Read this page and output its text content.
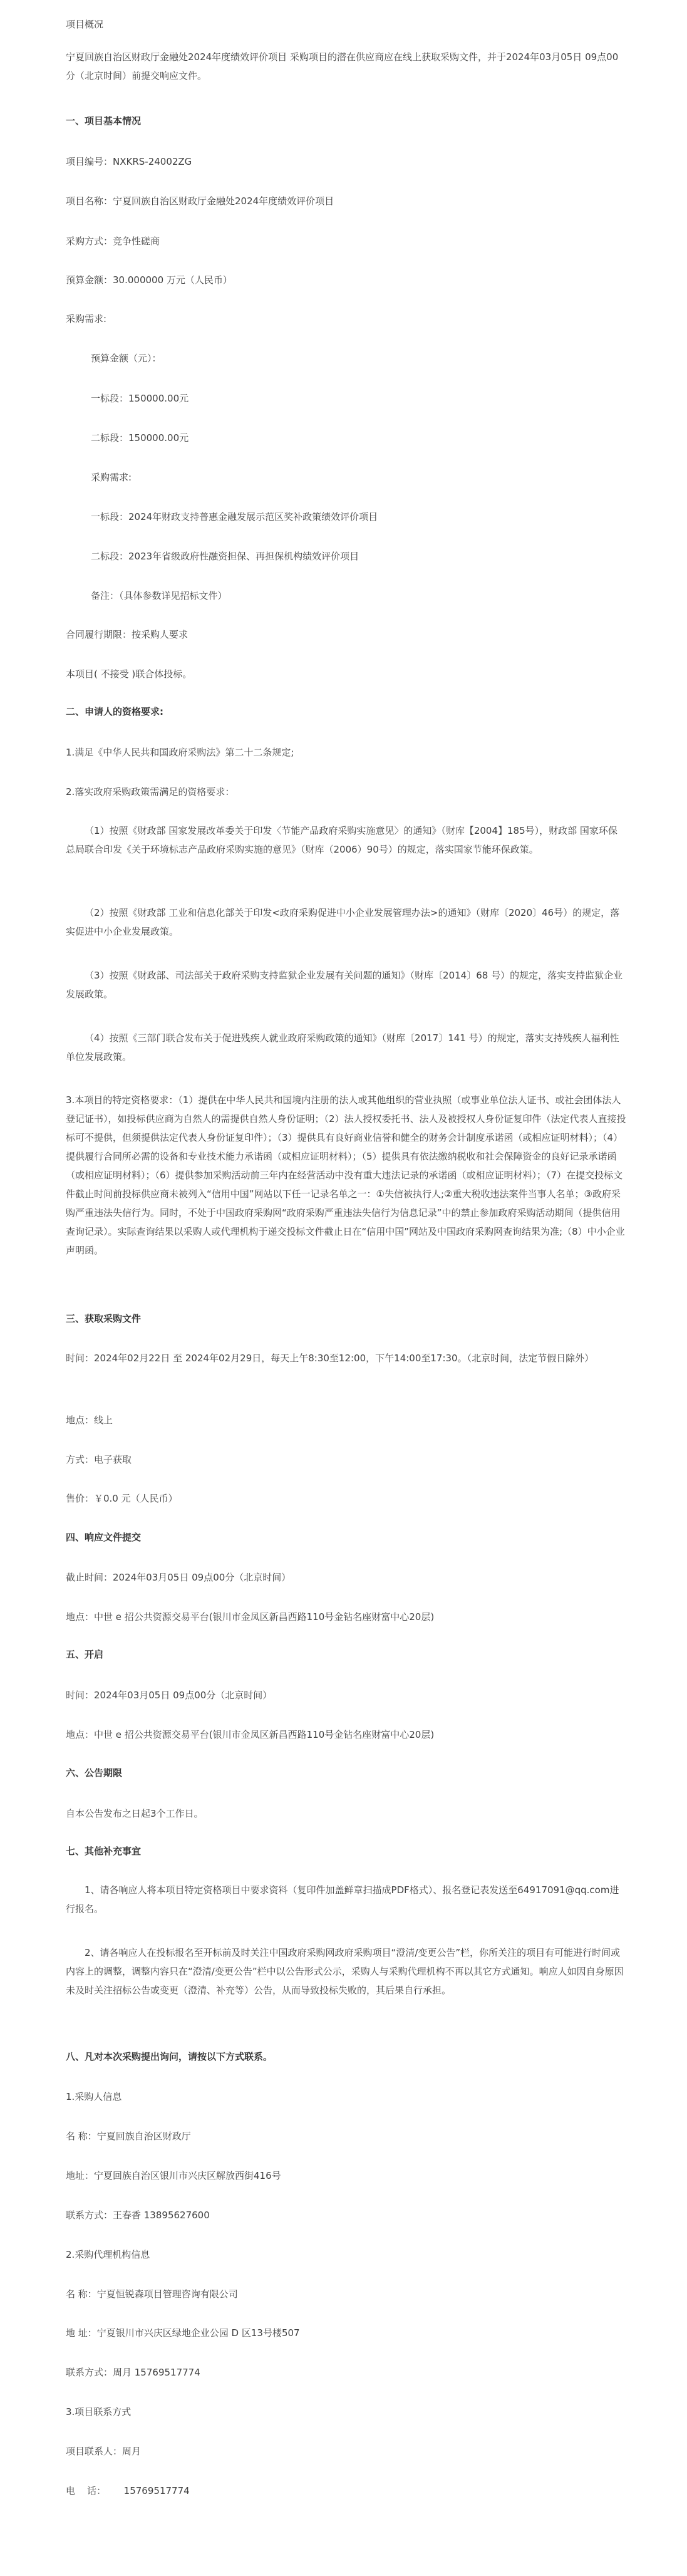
项目概况

宁夏回族自治区财政厅金融处2024年度绩效评价项目 采购项目的潜在供应商应在线上获取采购文件，并于2024年03月05日 09点00分（北京时间）前提交响应文件。

一、项目基本情况

项目编号：NXKRS-24002ZG

项目名称：宁夏回族自治区财政厅金融处2024年度绩效评价项目

采购方式：竞争性磋商

预算金额：30.000000 万元（人民币）

采购需求:

预算金额（元）：

一标段：150000.00元

二标段：150000.00元

采购需求:

一标段：2024年财政支持普惠金融发展示范区奖补政策绩效评价项目

二标段：2023年省级政府性融资担保、再担保机构绩效评价项目

备注：（具体参数详见招标文件）

合同履行期限：按采购人要求

本项目( 不接受 )联合体投标。

二、申请人的资格要求:

1.满足《中华人民共和国政府采购法》第二十二条规定;

2.落实政府采购政策需满足的资格要求：

（1）按照《财政部 国家发展改革委关于印发〈节能产品政府采购实施意见〉的通知》（财库【2004】185号），财政部 国家环保总局联合印发《关于环境标志产品政府采购实施的意见》（财库（2006）90号）的规定，落实国家节能环保政策。

（2）按照《财政部 工业和信息化部关于印发<政府采购促进中小企业发展管理办法>的通知》（财库〔2020〕46号）的规定，落实促进中小企业发展政策。

（3）按照《财政部、司法部关于政府采购支持监狱企业发展有关问题的通知》（财库〔2014〕68 号）的规定，落实支持监狱企业发展政策。

（4）按照《三部门联合发布关于促进残疾人就业政府采购政策的通知》（财库〔2017〕141 号）的规定，落实支持残疾人福利性单位发展政策。

3.本项目的特定资格要求：（1）提供在中华人民共和国境内注册的法人或其他组织的营业执照（或事业单位法人证书、或社会团体法人登记证书），如投标供应商为自然人的需提供自然人身份证明；（2）法人授权委托书、法人及被授权人身份证复印件（法定代表人直接投标可不提供，但须提供法定代表人身份证复印件）；（3）提供具有良好商业信誉和健全的财务会计制度承诺函（或相应证明材料）；（4）提供履行合同所必需的设备和专业技术能力承诺函（或相应证明材料）；（5）提供具有依法缴纳税收和社会保障资金的良好记录承诺函（或相应证明材料）；（6）提供参加采购活动前三年内在经营活动中没有重大违法记录的承诺函（或相应证明材料）；（7）在提交投标文件截止时间前投标供应商未被列入“信用中国”网站以下任一记录名单之一：①失信被执行人;②重大税收违法案件当事人名单；③政府采购严重违法失信行为。同时，不处于中国政府采购网“政府采购严重违法失信行为信息记录”中的禁止参加政府采购活动期间（提供信用查询记录）。实际查询结果以采购人或代理机构于递交投标文件截止日在“信用中国”网站及中国政府采购网查询结果为准;（8）中小企业声明函。

三、获取采购文件

时间：2024年02月22日 至 2024年02月29日，每天上午8:30至12:00，下午14:00至17:30。（北京时间，法定节假日除外）

地点：线上

方式：电子获取

售价：￥0.0 元（人民币）

四、响应文件提交

截止时间：2024年03月05日 09点00分（北京时间）

地点：中世 e 招公共资源交易平台(银川市金凤区新昌西路110号金钻名座财富中心20层)

五、开启

时间：2024年03月05日 09点00分（北京时间）

地点：中世 e 招公共资源交易平台(银川市金凤区新昌西路110号金钻名座财富中心20层)

六、公告期限

自本公告发布之日起3个工作日。

七、其他补充事宜

1、请各响应人将本项目特定资格项目中要求资料（复印件加盖鲜章扫描成PDF格式）、报名登记表发送至64917091@qq.com进行报名。

2、请各响应人在投标报名至开标前及时关注中国政府采购网政府采购项目“澄清/变更公告”栏，你所关注的项目有可能进行时间或内容上的调整，调整内容只在“澄清/变更公告”栏中以公告形式公示，采购人与采购代理机构不再以其它方式通知。响应人如因自身原因未及时关注招标公告或变更（澄清、补充等）公告，从而导致投标失败的，其后果自行承担。

八、凡对本次采购提出询问，请按以下方式联系。

1.采购人信息

名 称：宁夏回族自治区财政厅

地址：宁夏回族自治区银川市兴庆区解放西街416号

联系方式：王春香 13895627600

2.采购代理机构信息

名 称：宁夏恒锐森项目管理咨询有限公司

地 址：宁夏银川市兴庆区绿地企业公园 D 区13号楼507

联系方式：周月 15769517774

3.项目联系方式

项目联系人：周月

电    话：      15769517774
